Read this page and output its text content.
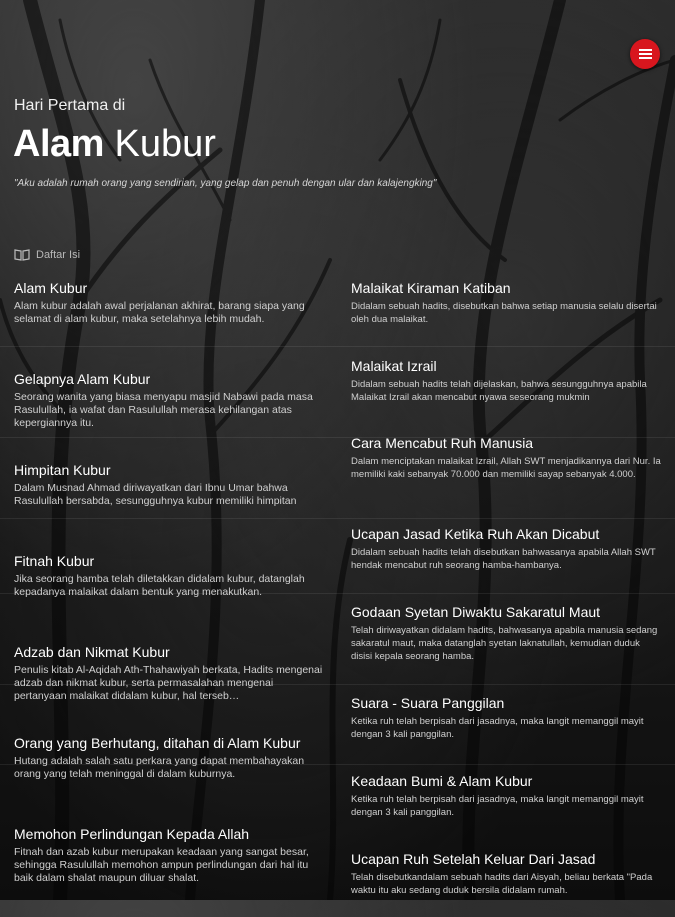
Hari Pertama di
Alam Kubur
"Aku adalah rumah orang yang sendirian, yang gelap dan penuh dengan ular dan kalajengking"
Daftar Isi
Alam Kubur

Alam kubur adalah awal perjalanan akhirat, barang siapa yang selamat di alam kubur, maka setelahnya lebih mudah.

Gelapnya Alam Kubur

Seorang wanita yang biasa menyapu masjid Nabawi pada masa Rasulullah, ia wafat dan Rasulullah merasa kehilangan atas kepergiannya itu.

Himpitan Kubur

Dalam Musnad Ahmad diriwayatkan dari Ibnu Umar bahwa Rasulullah bersabda, sesungguhnya kubur memiliki himpitan

Fitnah Kubur

Jika seorang hamba telah diletakkan didalam kubur, datanglah kepadanya malaikat dalam bentuk yang menakutkan.

Adzab dan Nikmat Kubur

Penulis kitab Al-Aqidah Ath-Thahawiyah berkata, Hadits mengenai adzab dan nikmat kubur, serta permasalahan mengenai pertanyaan malaikat didalam kubur, hal terseb…

Orang yang Berhutang, ditahan di Alam Kubur

Hutang adalah salah satu perkara yang dapat membahayakan orang yang telah meninggal di dalam kuburnya.

Memohon Perlindungan Kepada Allah

Fitnah dan azab kubur merupakan keadaan yang sangat besar, sehingga Rasulullah memohon ampun perlindungan dari hal itu baik dalam shalat maupun diluar shalat.

Malaikat Kiraman Katiban

Didalam sebuah hadits, disebutkan bahwa setiap manusia selalu disertai oleh dua malaikat.

Malaikat Izrail

Didalam sebuah hadits telah dijelaskan, bahwa sesungguhnya apabila Malaikat Izrail akan mencabut nyawa seseorang mukmin

Cara Mencabut Ruh Manusia

Dalam menciptakan malaikat Izrail, Allah SWT menjadikannya dari Nur. Ia memiliki kaki sebanyak 70.000 dan memiliki sayap sebanyak 4.000.

Ucapan Jasad Ketika Ruh Akan Dicabut

Didalam sebuah hadits telah disebutkan bahwasanya apabila Allah SWT hendak mencabut ruh seorang hamba-hambanya.

Godaan Syetan Diwaktu Sakaratul Maut

Telah diriwayatkan didalam hadits, bahwasanya apabila manusia sedang sakaratul maut, maka datanglah syetan laknatullah, kemudian duduk disisi kepala seorang hamba.

Suara - Suara Panggilan

Ketika ruh telah berpisah dari jasadnya, maka langit memanggil mayit dengan 3 kali panggilan.

Keadaan Bumi & Alam Kubur

Ketika ruh telah berpisah dari jasadnya, maka langit memanggil mayit dengan 3 kali panggilan.

Ucapan Ruh Setelah Keluar Dari Jasad

Telah disebutkandalam sebuah hadits dari Aisyah, beliau berkata "Pada waktu itu aku sedang duduk bersila didalam rumah.
